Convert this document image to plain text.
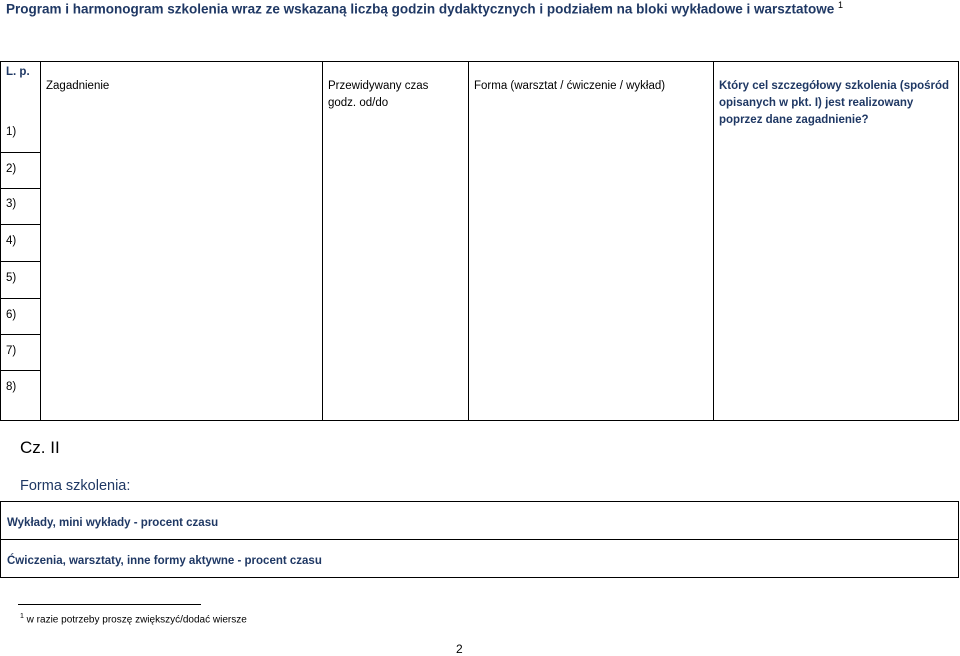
Program i harmonogram szkolenia wraz ze wskazaną liczbą godzin dydaktycznych i podziałem na bloki wykładowe i warsztatowe $^1$
L. p.
Zagadnienie	Przewidywany czas godz. od/do
Forma (warsztat / ćwiczenie / wykład)	Który cel szczegółowy szkolenia (spośród opisanych w pkt. I) jest realizowany poprzez dane zagadnienie?
1)
2)
3)
4)
5)
6)
7)
8)
Cz. II
Forma szkolenia:
Wykłady, mini wykłady - procent czasu
Ćwiczenia, warsztaty, inne formy aktywne - procent czasu
$^1$ w razie potrzeby proszę zwiększyć/dodać wiersze
2
